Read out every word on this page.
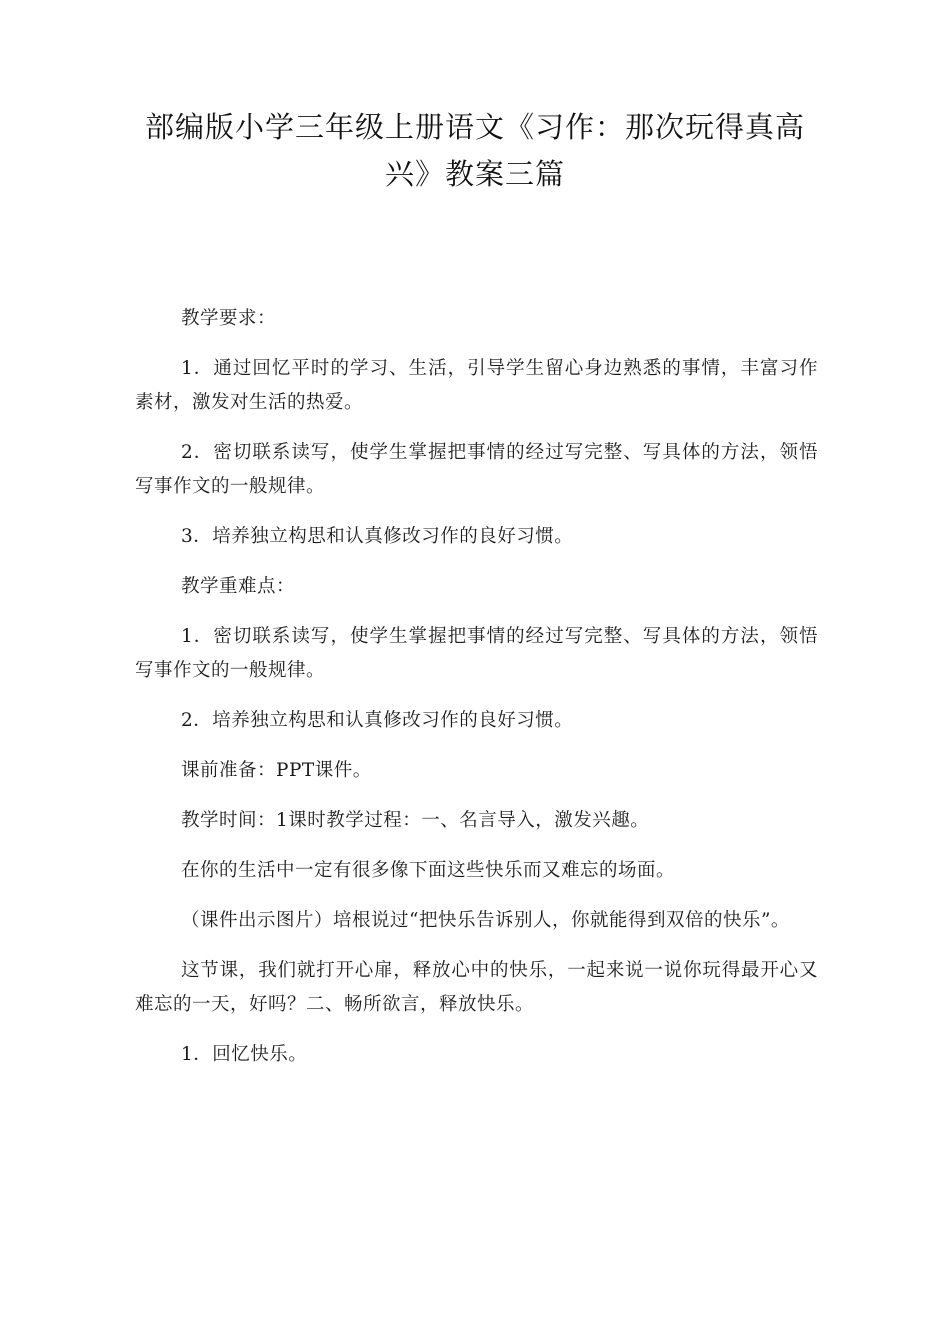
部编版小学三年级上册语文《习作：那次玩得真高兴》教案三篇

教学要求：

1．通过回忆平时的学习、生活，引导学生留心身边熟悉的事情，丰富习作素材，激发对生活的热爱。

2．密切联系读写，使学生掌握把事情的经过写完整、写具体的方法，领悟写事作文的一般规律。

3．培养独立构思和认真修改习作的良好习惯。

教学重难点：

1．密切联系读写，使学生掌握把事情的经过写完整、写具体的方法，领悟写事作文的一般规律。

2．培养独立构思和认真修改习作的良好习惯。

课前准备：PPT课件。

教学时间：1课时教学过程：一、名言导入，激发兴趣。

在你的生活中一定有很多像下面这些快乐而又难忘的场面。

（课件出示图片）培根说过“把快乐告诉别人，你就能得到双倍的快乐”。

这节课，我们就打开心扉，释放心中的快乐，一起来说一说你玩得最开心又难忘的一天，好吗？二、畅所欲言，释放快乐。

1．回忆快乐。
